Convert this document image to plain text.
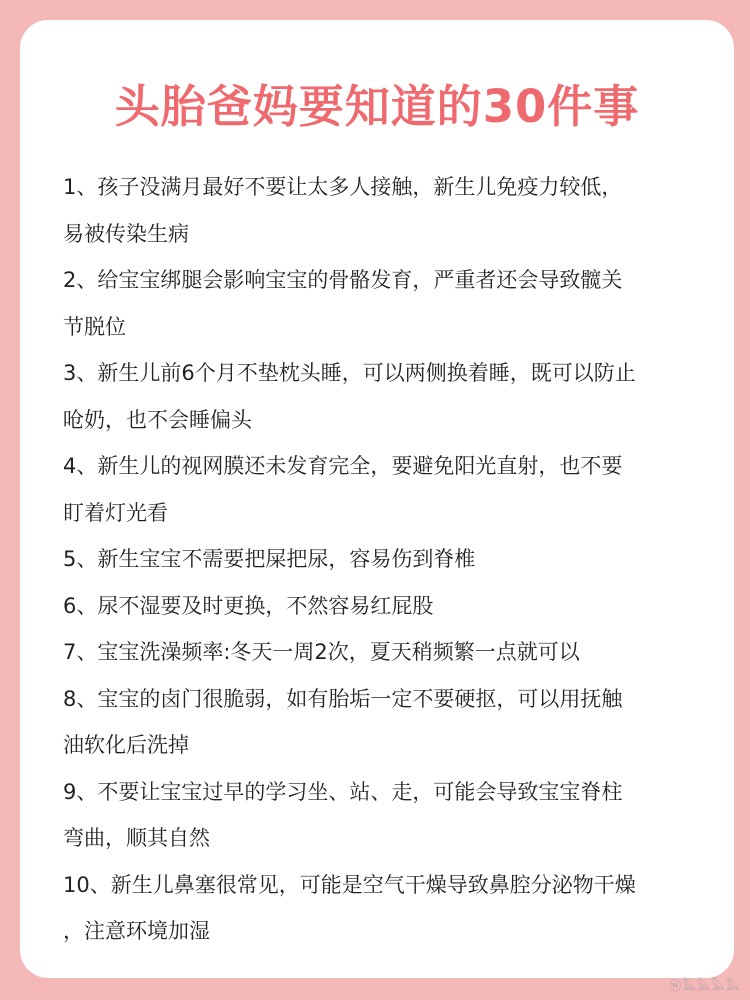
头胎爸妈要知道的30件事

1、孩子没满月最好不要让太多人接触，新生儿免疫力较低，
易被传染生病

2、给宝宝绑腿会影响宝宝的骨骼发育，严重者还会导致髋关
节脱位

3、新生儿前6个月不垫枕头睡，可以两侧换着睡，既可以防止
呛奶，也不会睡偏头

4、新生儿的视网膜还未发育完全，要避免阳光直射，也不要
盯着灯光看

5、新生宝宝不需要把屎把尿，容易伤到脊椎

6、尿不湿要及时更换，不然容易红屁股

7、宝宝洗澡频率:冬天一周2次，夏天稍频繁一点就可以

8、宝宝的卤门很脆弱，如有胎垢一定不要硬抠，可以用抚触
油软化后洗掉

9、不要让宝宝过早的学习坐、站、走，可能会导致宝宝脊柱
弯曲，顺其自然

10、新生儿鼻塞很常见，可能是空气干燥导致鼻腔分泌物干燥
，注意环境加湿

ⓦ𓅓𓅓𓅓𓅓
